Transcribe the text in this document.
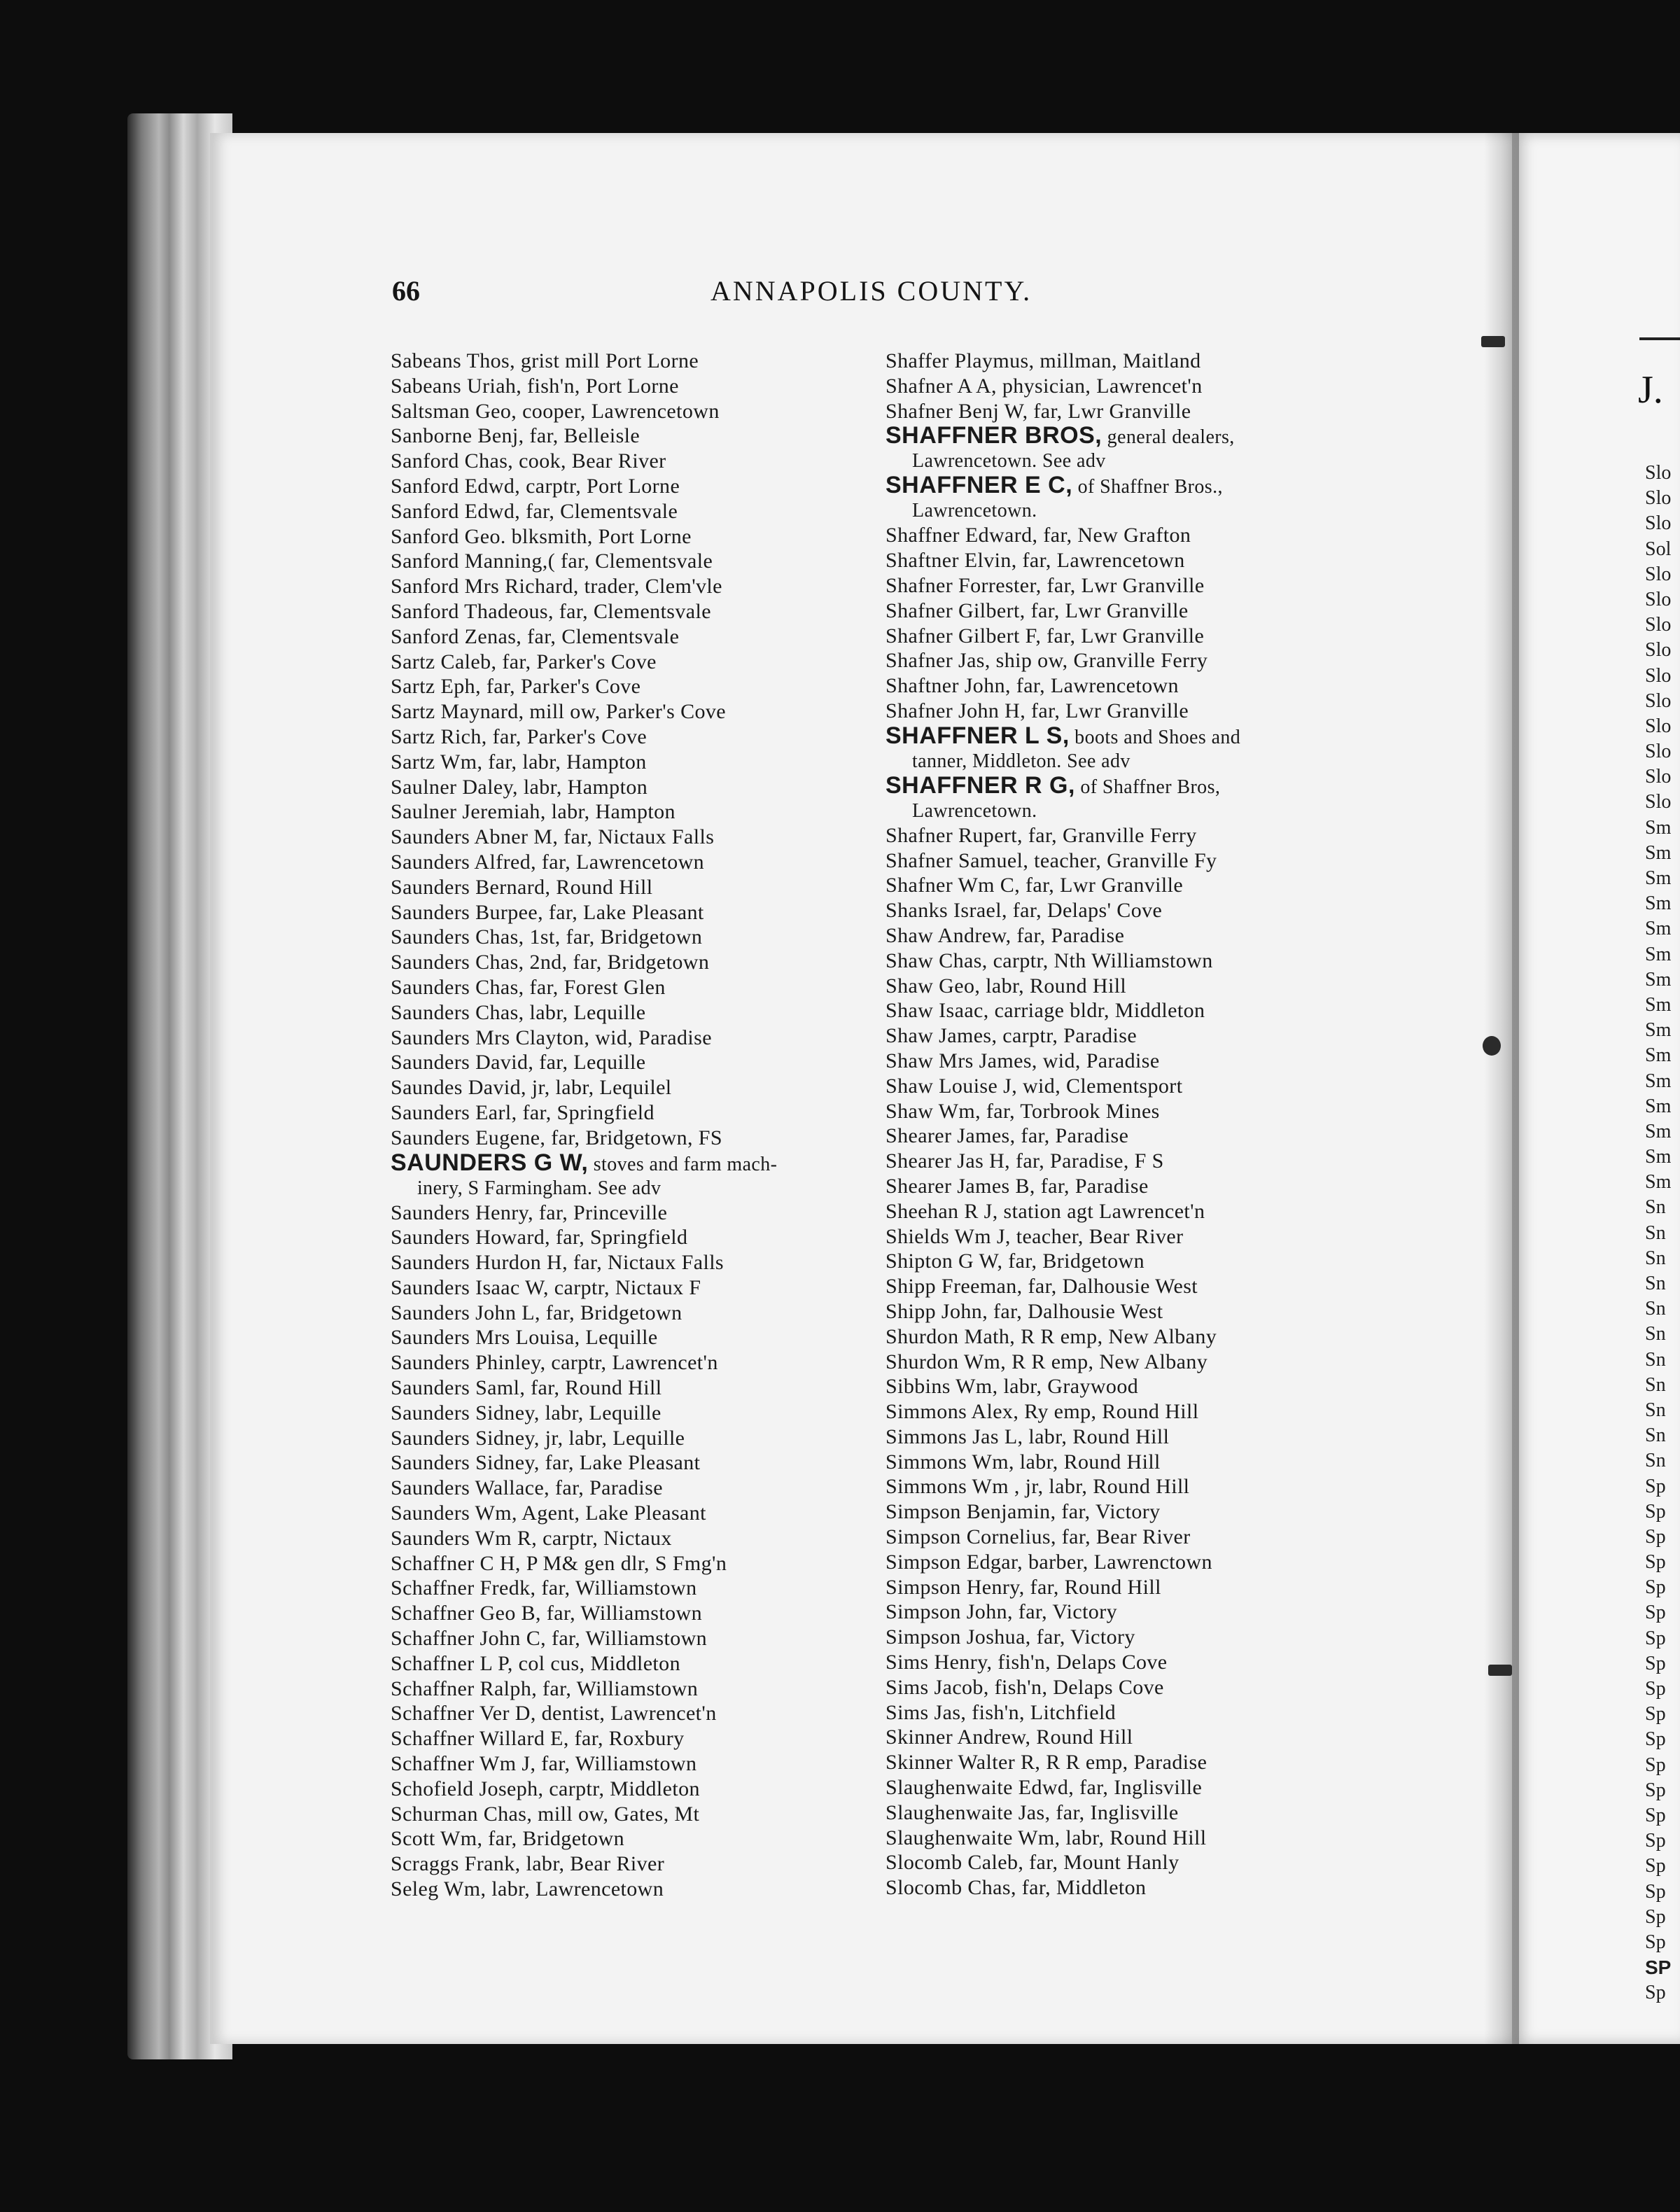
66	ANNAPOLIS COUNTY.
Sabeans Thos, grist mill Port Lorne
Sabeans Uriah, fish'n, Port Lorne
Saltsman Geo, cooper, Lawrencetown
Sanborne Benj, far, Belleisle
Sanford Chas, cook, Bear River
Sanford Edwd, carptr, Port Lorne
Sanford Edwd, far, Clementsvale
Sanford Geo. blksmith, Port Lorne
Sanford Manning,( far, Clementsvale
Sanford Mrs Richard, trader, Clem'vle
Sanford Thadeous, far, Clementsvale
Sanford Zenas, far, Clementsvale
Sartz Caleb, far, Parker's Cove
Sartz Eph, far, Parker's Cove
Sartz Maynard, mill ow, Parker's Cove
Sartz Rich, far, Parker's Cove
Sartz Wm, far, labr, Hampton
Saulner Daley, labr, Hampton
Saulner Jeremiah, labr, Hampton
Saunders Abner M, far, Nictaux Falls
Saunders Alfred, far, Lawrencetown
Saunders Bernard, Round Hill
Saunders Burpee, far, Lake Pleasant
Saunders Chas, 1st, far, Bridgetown
Saunders Chas, 2nd, far, Bridgetown
Saunders Chas, far, Forest Glen
Saunders Chas, labr, Lequille
Saunders Mrs Clayton, wid, Paradise
Saunders David, far, Lequille
Saundes David, jr, labr, Lequilel
Saunders Earl, far, Springfield
Saunders Eugene, far, Bridgetown, FS
SAUNDERS G W, stoves and farm mach-
inery, S Farmingham. See adv
Saunders Henry, far, Princeville
Saunders Howard, far, Springfield
Saunders Hurdon H, far, Nictaux Falls
Saunders Isaac W, carptr, Nictaux F
Saunders John L, far, Bridgetown
Saunders Mrs Louisa, Lequille
Saunders Phinley, carptr, Lawrencet'n
Saunders Saml, far, Round Hill
Saunders Sidney, labr, Lequille
Saunders Sidney, jr, labr, Lequille
Saunders Sidney, far, Lake Pleasant
Saunders Wallace, far, Paradise
Saunders Wm, Agent, Lake Pleasant
Saunders Wm R, carptr, Nictaux
Schaffner C H, P M& gen dlr, S Fmg'n
Schaffner Fredk, far, Williamstown
Schaffner Geo B, far, Williamstown
Schaffner John C, far, Williamstown
Schaffner L P, col cus, Middleton
Schaffner Ralph, far, Williamstown
Schaffner Ver D, dentist, Lawrencet'n
Schaffner Willard E, far, Roxbury
Schaffner Wm J, far, Williamstown
Schofield Joseph, carptr, Middleton
Schurman Chas, mill ow, Gates, Mt
Scott Wm, far, Bridgetown
Scraggs Frank, labr, Bear River
Seleg Wm, labr, Lawrencetown
Shaffer Playmus, millman, Maitland
Shafner A A, physician, Lawrencet'n
Shafner Benj W, far, Lwr Granville
SHAFFNER BROS, general dealers,
Lawrencetown. See adv
SHAFFNER E C, of Shaffner Bros.,
Lawrencetown.
Shaffner Edward, far, New Grafton
Shaftner Elvin, far, Lawrencetown
Shafner Forrester, far, Lwr Granville
Shafner Gilbert, far, Lwr Granville
Shafner Gilbert F, far, Lwr Granville
Shafner Jas, ship ow, Granville Ferry
Shaftner John, far, Lawrencetown
Shafner John H, far, Lwr Granville
SHAFFNER L S, boots and Shoes and
tanner, Middleton. See adv
SHAFFNER R G, of Shaffner Bros,
Lawrencetown.
Shafner Rupert, far, Granville Ferry
Shafner Samuel, teacher, Granville Fy
Shafner Wm C, far, Lwr Granville
Shanks Israel, far, Delaps' Cove
Shaw Andrew, far, Paradise
Shaw Chas, carptr, Nth Williamstown
Shaw Geo, labr, Round Hill
Shaw Isaac, carriage bldr, Middleton
Shaw James, carptr, Paradise
Shaw Mrs James, wid, Paradise
Shaw Louise J, wid, Clementsport
Shaw Wm, far, Torbrook Mines
Shearer James, far, Paradise
Shearer Jas H, far, Paradise, F S
Shearer James B, far, Paradise
Sheehan R J, station agt Lawrencet'n
Shields Wm J, teacher, Bear River
Shipton G W, far, Bridgetown
Shipp Freeman, far, Dalhousie West
Shipp John, far, Dalhousie West
Shurdon Math, R R emp, New Albany
Shurdon Wm, R R emp, New Albany
Sibbins Wm, labr, Graywood
Simmons Alex, Ry emp, Round Hill
Simmons Jas L, labr, Round Hill
Simmons Wm, labr, Round Hill
Simmons Wm , jr, labr, Round Hill
Simpson Benjamin, far, Victory
Simpson Cornelius, far, Bear River
Simpson Edgar, barber, Lawrenctown
Simpson Henry, far, Round Hill
Simpson John, far, Victory
Simpson Joshua, far, Victory
Sims Henry, fish'n, Delaps Cove
Sims Jacob, fish'n, Delaps Cove
Sims Jas, fish'n, Litchfield
Skinner Andrew, Round Hill
Skinner Walter R, R R emp, Paradise
Slaughenwaite Edwd, far, Inglisville
Slaughenwaite Jas, far, Inglisville
Slaughenwaite Wm, labr, Round Hill
Slocomb Caleb, far, Mount Hanly
Slocomb Chas, far, Middleton
J.
Slo
Slo
Slo
Sol
Slo
Slo
Slo
Slo
Slo
Slo
Slo
Slo
Slo
Slo
Sm
Sm
Sm
Sm
Sm
Sm
Sm
Sm
Sm
Sm
Sm
Sm
Sm
Sm
Sm
Sn
Sn
Sn
Sn
Sn
Sn
Sn
Sn
Sn
Sn
Sn
Sp
Sp
Sp
Sp
Sp
Sp
Sp
Sp
Sp
Sp
Sp
Sp
Sp
Sp
Sp
Sp
Sp
Sp
Sp
SP
Sp
